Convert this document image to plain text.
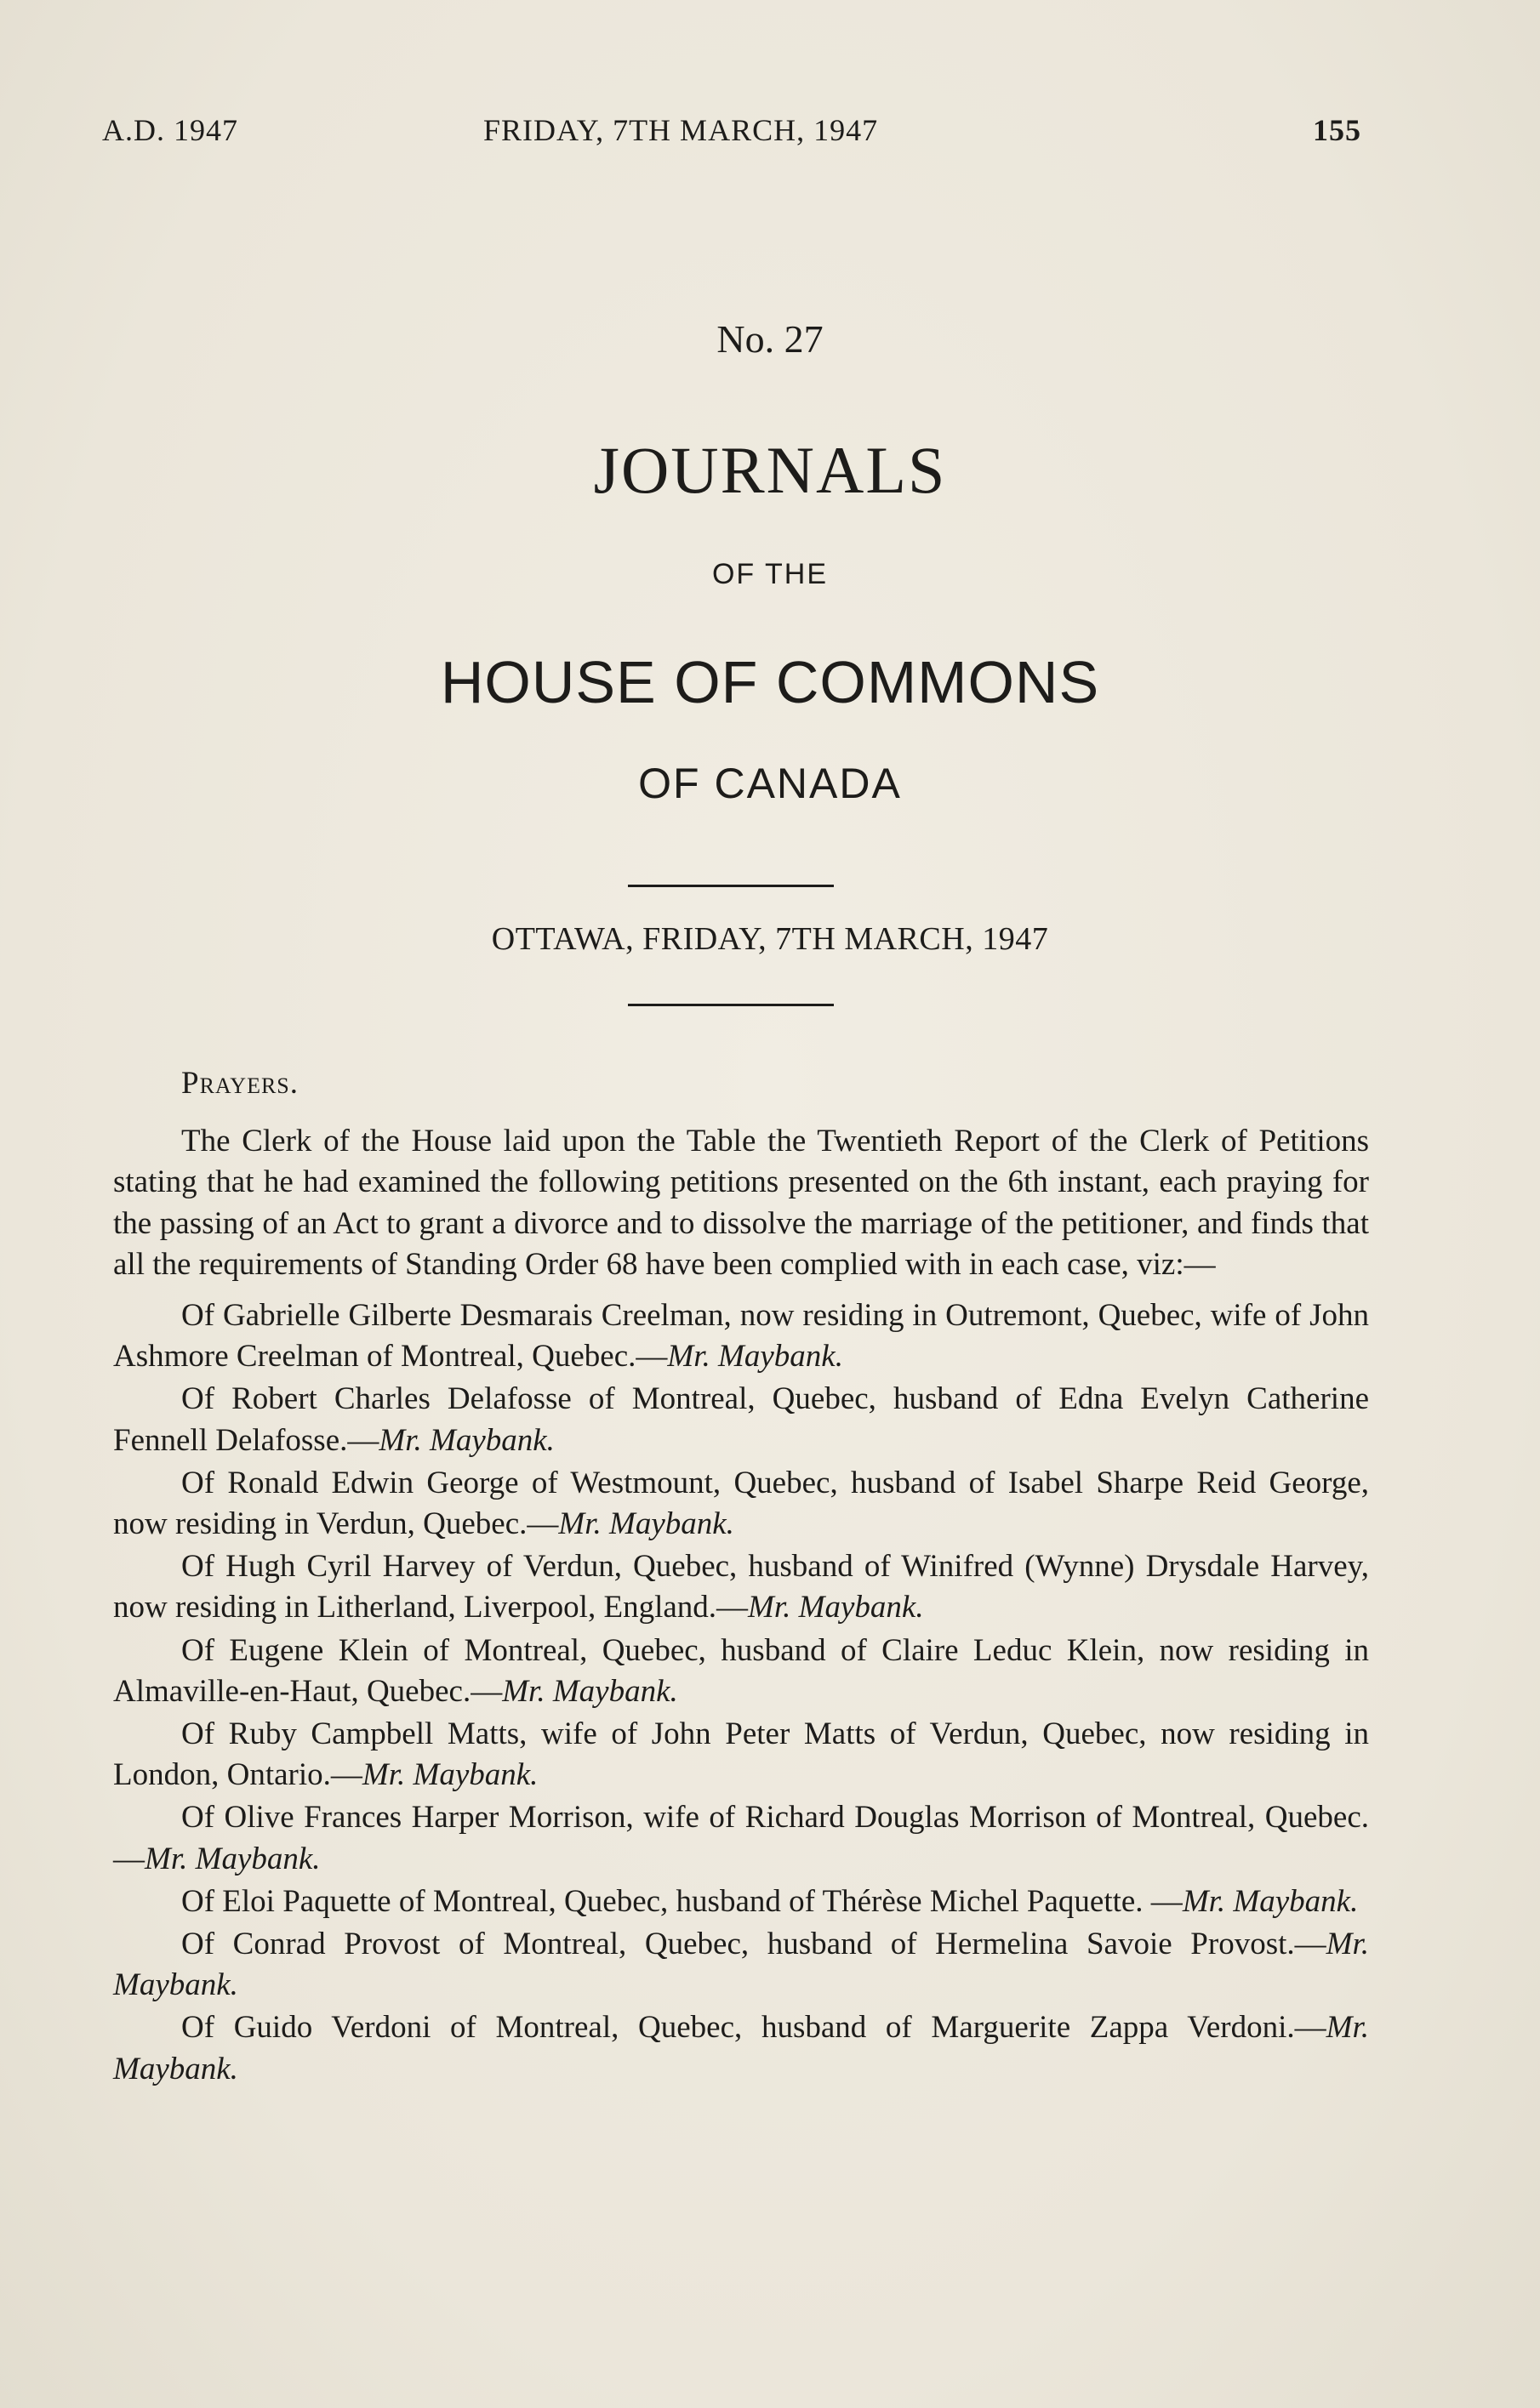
A.D. 1947	FRIDAY, 7TH MARCH, 1947	155
No. 27
JOURNALS
OF THE
HOUSE OF COMMONS
OF CANADA
OTTAWA, FRIDAY, 7TH MARCH, 1947

Prayers.

The Clerk of the House laid upon the Table the Twentieth Report of the Clerk of Petitions stating that he had examined the following petitions presented on the 6th instant, each praying for the passing of an Act to grant a divorce and to dissolve the marriage of the petitioner, and finds that all the requirements of Standing Order 68 have been complied with in each case, viz:—

Of Gabrielle Gilberte Desmarais Creelman, now residing in Outremont, Quebec, wife of John Ashmore Creelman of Montreal, Quebec.—Mr. Maybank.

Of Robert Charles Delafosse of Montreal, Quebec, husband of Edna Evelyn Catherine Fennell Delafosse.—Mr. Maybank.

Of Ronald Edwin George of Westmount, Quebec, husband of Isabel Sharpe Reid George, now residing in Verdun, Quebec.—Mr. Maybank.

Of Hugh Cyril Harvey of Verdun, Quebec, husband of Winifred (Wynne) Drysdale Harvey, now residing in Litherland, Liverpool, England.—Mr. Maybank.

Of Eugene Klein of Montreal, Quebec, husband of Claire Leduc Klein, now residing in Almaville-en-Haut, Quebec.—Mr. Maybank.

Of Ruby Campbell Matts, wife of John Peter Matts of Verdun, Quebec, now residing in London, Ontario.—Mr. Maybank.

Of Olive Frances Harper Morrison, wife of Richard Douglas Morrison of Montreal, Quebec.—Mr. Maybank.

Of Eloi Paquette of Montreal, Quebec, husband of Thérèse Michel Paquette. —Mr. Maybank.

Of Conrad Provost of Montreal, Quebec, husband of Hermelina Savoie Provost.—Mr. Maybank.

Of Guido Verdoni of Montreal, Quebec, husband of Marguerite Zappa Verdoni.—Mr. Maybank.
